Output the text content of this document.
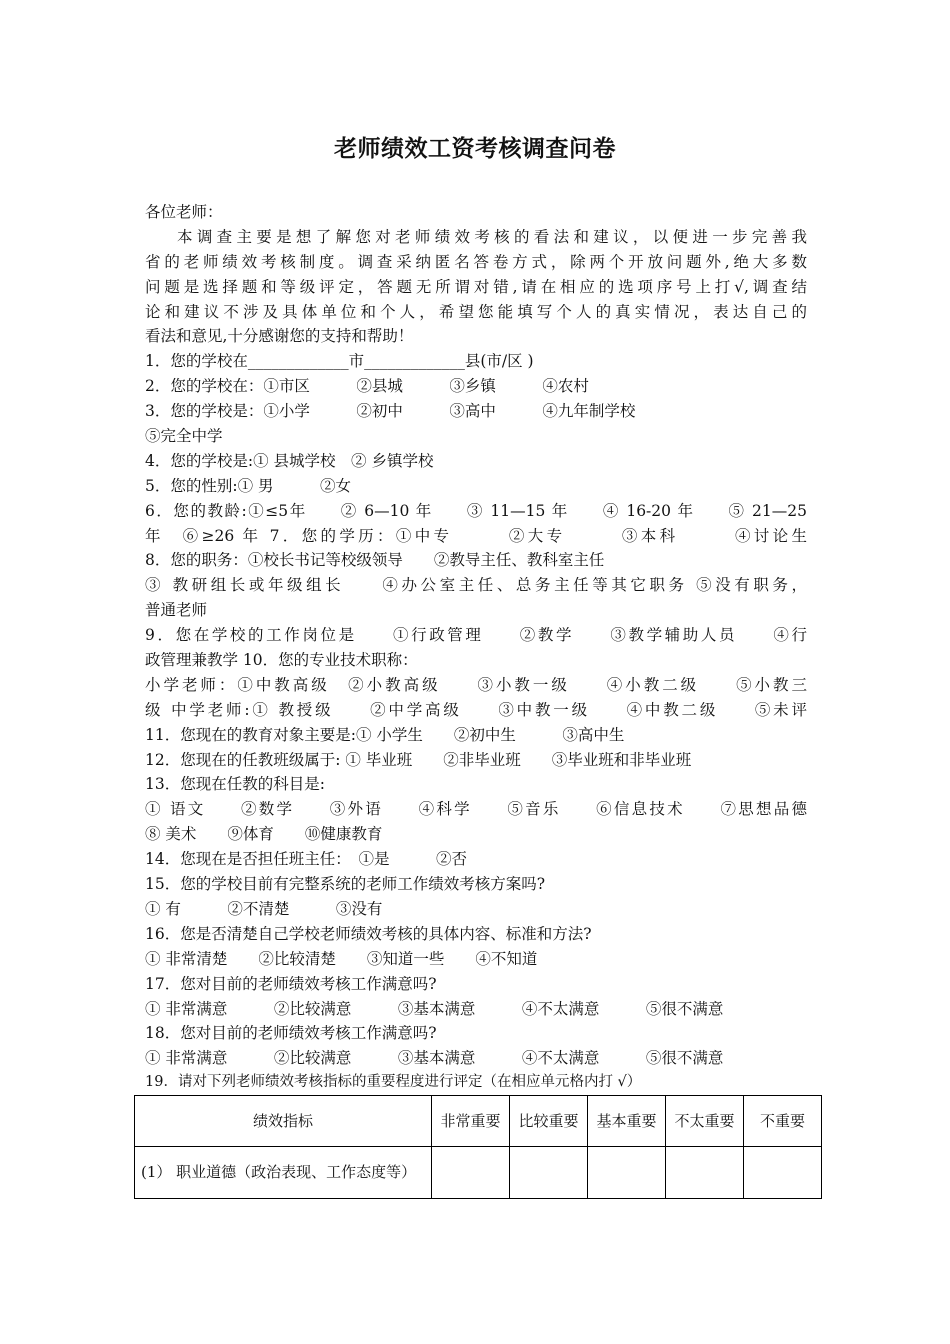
老师绩效工资考核调查问卷
各位老师：
本调查主要是想了解您对老师绩效考核的看法和建议，以便进一步完善我
省的老师绩效考核制度。调查采纳匿名答卷方式，除两个开放问题外,绝大多数
问题是选择题和等级评定，答题无所谓对错,请在相应的选项序号上打√,调查结
论和建议不涉及具体单位和个人，希望您能填写个人的真实情况，表达自己的
看法和意见,十分感谢您的支持和帮助！
1．您的学校在_____________市_____________县(市/区 )
2．您的学校在：①市区　　　②县城　　　③乡镇　　　④农村
3．您的学校是：①小学　　　②初中　　　③高中　　　④九年制学校
⑤完全中学
4．您的学校是:① 县城学校　② 乡镇学校
5．您的性别:① 男　　　②女
6．您的教龄:①≤5年　　② 6—10 年　　③ 11—15 年　　④ 16-20 年　　⑤ 21—25
年　⑥≥26 年 7．您的学历：①中专　　　②大专　　　③本科　　　④讨论生
8．您的职务：①校长书记等校级领导　　②教导主任、教科室主任
③ 教研组长或年级组长　　④办公室主任、总务主任等其它职务 ⑤没有职务，
普通老师
9．您在学校的工作岗位是　　①行政管理　　②教学　　③教学辅助人员　　④行
政管理兼教学 10．您的专业技术职称：
小学老师：①中教高级　②小教高级　　③小教一级　　④小教二级　　⑤小教三
级 中学老师:① 教授级　　②中学高级　　③中教一级　　④中教二级　　⑤未评
11．您现在的教育对象主要是:① 小学生　　②初中生　　　③高中生
12．您现在的任教班级属于: ① 毕业班　　②非毕业班　　③毕业班和非毕业班
13．您现在任教的科目是:
① 语文　　②数学　　③外语　　④科学　　⑤音乐　　⑥信息技术　　⑦思想品德
⑧ 美术　　⑨体育　　⑩健康教育
14．您现在是否担任班主任：　①是　　　②否
15．您的学校目前有完整系统的老师工作绩效考核方案吗?
① 有　　　②不清楚　　　③没有
16．您是否清楚自己学校老师绩效考核的具体内容、标准和方法?
① 非常清楚　　②比较清楚　　③知道一些　　④不知道
17．您对目前的老师绩效考核工作满意吗?
① 非常满意　　　②比较满意　　　③基本满意　　　④不太满意　　　⑤很不满意
18．您对目前的老师绩效考核工作满意吗?
① 非常满意　　　②比较满意　　　③基本满意　　　④不太满意　　　⑤很不满意
19．请对下列老师绩效考核指标的重要程度进行评定（在相应单元格内打 √）
绩效指标	非常重要	比较重要	基本重要	不太重要	不重要
(1） 职业道德（政治表现、工作态度等）					
